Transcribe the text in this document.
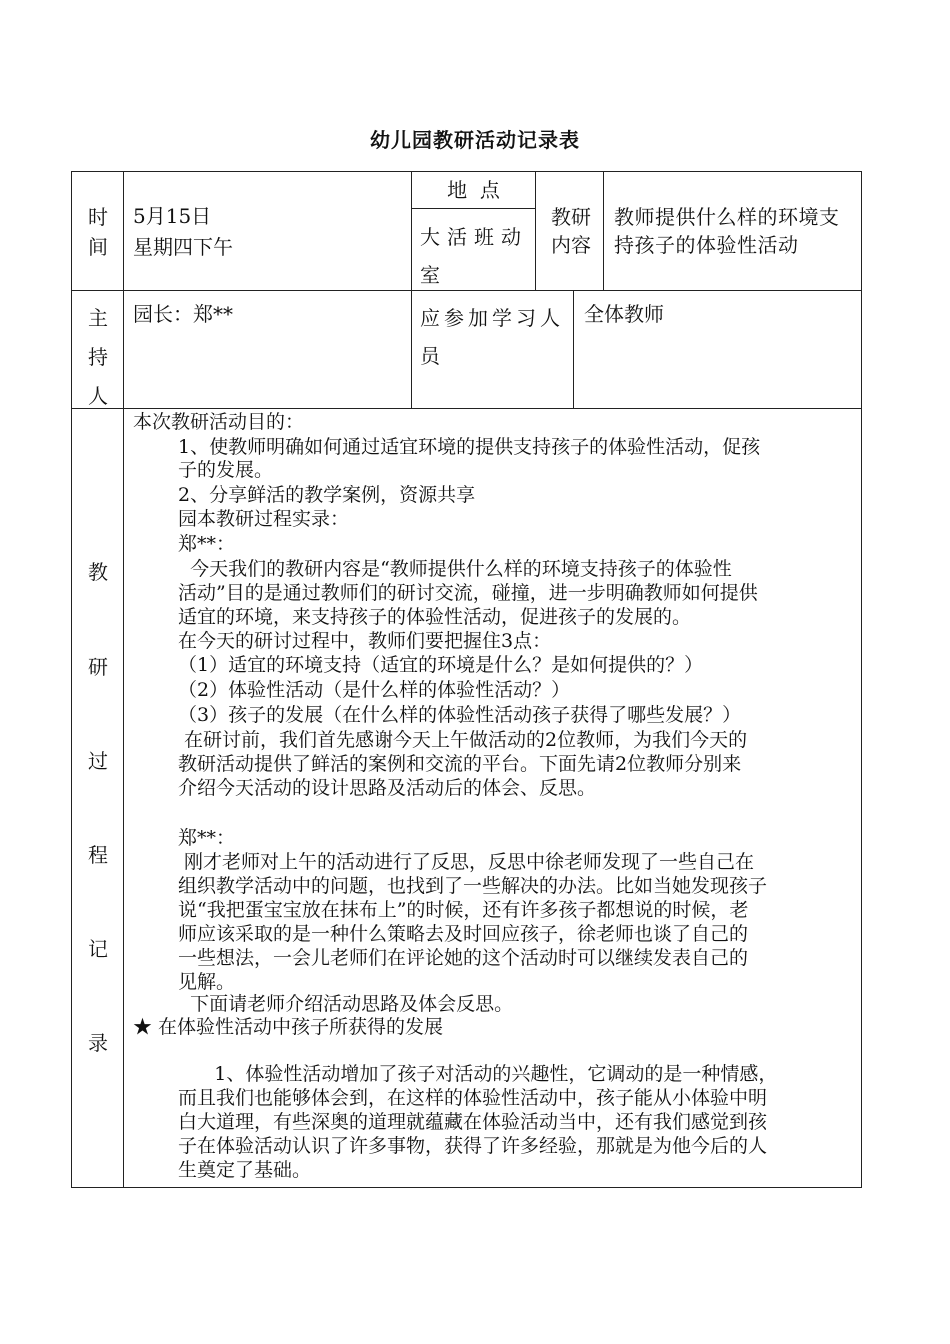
幼儿园教研活动记录表
时
间
5月15日
星期四下午
地  点
大活班动室
教研
内容
教师提供什么样的环境支持孩子的体验性活动
主
持
人
园长：郑**	应参加学习人员
全体教师
教
研
过
程
记
录
本次教研活动目的：
1、使教师明确如何通过适宜环境的提供支持孩子的体验性活动，促孩
子的发展。
2、分享鲜活的教学案例，资源共享
园本教研过程实录：
郑**：
今天我们的教研内容是“教师提供什么样的环境支持孩子的体验性
活动”目的是通过教师们的研讨交流，碰撞，进一步明确教师如何提供
适宜的环境，来支持孩子的体验性活动，促进孩子的发展的。
在今天的研讨过程中，教师们要把握住3点：
（1）适宜的环境支持（适宜的环境是什么？是如何提供的？）
（2）体验性活动（是什么样的体验性活动？）
（3）孩子的发展（在什么样的体验性活动孩子获得了哪些发展？）
在研讨前，我们首先感谢今天上午做活动的2位教师，为我们今天的
教研活动提供了鲜活的案例和交流的平台。下面先请2位教师分别来
介绍今天活动的设计思路及活动后的体会、反思。
郑**：
刚才老师对上午的活动进行了反思，反思中徐老师发现了一些自己在
组织教学活动中的问题，也找到了一些解决的办法。比如当她发现孩子
说“我把蛋宝宝放在抹布上”的时候，还有许多孩子都想说的时候，老
师应该采取的是一种什么策略去及时回应孩子，徐老师也谈了自己的
一些想法，一会儿老师们在评论她的这个活动时可以继续发表自己的
见解。
下面请老师介绍活动思路及体会反思。
★ 在体验性活动中孩子所获得的发展
1、体验性活动增加了孩子对活动的兴趣性，它调动的是一种情感，
而且我们也能够体会到，在这样的体验性活动中，孩子能从小体验中明
白大道理，有些深奥的道理就蕴藏在体验活动当中，还有我们感觉到孩
子在体验活动认识了许多事物，获得了许多经验，那就是为他今后的人
生奠定了基础。
